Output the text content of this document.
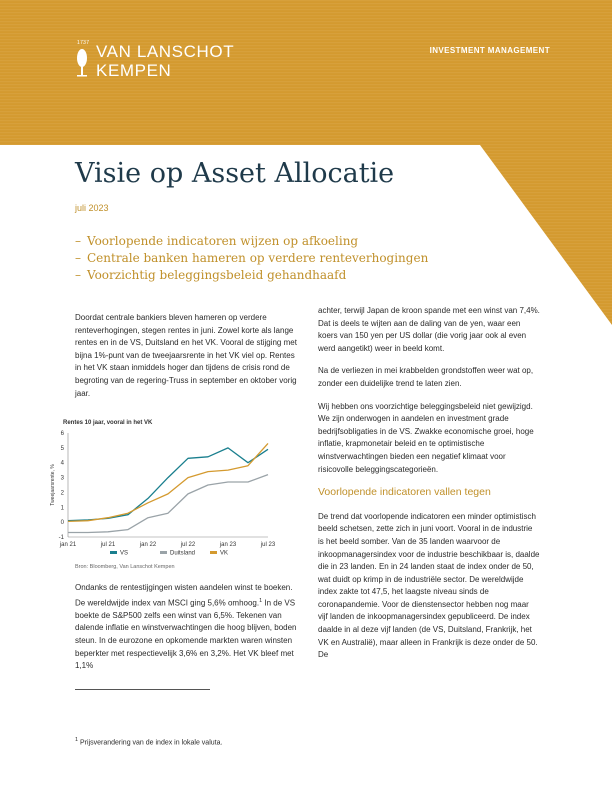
1737 VAN LANSCHOT
KEMPEN
INVESTMENT MANAGEMENT
Visie op Asset Allocatie
juli 2023
– Voorlopende indicatoren wijzen op afkoeling
– Centrale banken hameren op verdere renteverhogingen
– Voorzichtig beleggingsbeleid gehandhaafd

Doordat centrale bankiers bleven hameren op verdere renteverhogingen, stegen rentes in juni. Zowel korte als lange rentes en in de VS, Duitsland en het VK. Vooral de stijging met bijna 1%-punt van de tweejaarsrente in het VK viel op. Rentes in het VK staan inmiddels hoger dan tijdens de crisis rond de begroting van de regering-Truss in september en oktober vorig jaar.

Rentes 10 jaar, vooral in het VK
-1
0
1
2
3
4
5
6
jan 21	jul 21	jan 22	jul 22	jan 23	jul 23
Tweejaarsrente, %
VS	Duitsland	VK
Bron: Bloomberg, Van Lanschot Kempen

Ondanks de rentestijgingen wisten aandelen winst te boeken. De wereldwijde index van MSCI ging 5,6% omhoog.$^1$ In de VS boekte de S&P500 zelfs een winst van 6,5%. Tekenen van dalende inflatie en winstverwachtingen die hoog blijven, boden steun. In de eurozone en opkomende markten waren winsten beperkter met respectievelijk 3,6% en 3,2%. Het VK bleef met 1,1%

achter, terwijl Japan de kroon spande met een winst van 7,4%. Dat is deels te wijten aan de daling van de yen, waar een koers van 150 yen per US dollar (die vorig jaar ook al even werd aangetikt) weer in beeld komt.

Na de verliezen in mei krabbelden grondstoffen weer wat op, zonder een duidelijke trend te laten zien.

Wij hebben ons voorzichtige beleggingsbeleid niet gewijzigd. We zijn onderwogen in aandelen en investment grade bedrijfsobligaties in de VS. Zwakke economische groei, hoge inflatie, krapmonetair beleid en te optimistische winstverwachtingen bieden een negatief klimaat voor risicovolle beleggingscategorieën.

Voorlopende indicatoren vallen tegen

De trend dat voorlopende indicatoren een minder optimistisch beeld schetsen, zette zich in juni voort. Vooral in de industrie is het beeld somber. Van de 35 landen waarvoor de inkoopmanagersindex voor de industrie beschikbaar is, daalde die in 23 landen. En in 24 landen staat de index onder de 50, wat duidt op krimp in de industriële sector. De wereldwijde index zakte tot 47,5, het laagste niveau sinds de coronapandemie. Voor de dienstensector hebben nog maar vijf landen de inkoopmanagersindex gepubliceerd. De index daalde in al deze vijf landen (de VS, Duitsland, Frankrijk, het VK en Australië), maar alleen in Frankrijk is deze onder de 50. De

$^1$ Prijsverandering van de index in lokale valuta.
